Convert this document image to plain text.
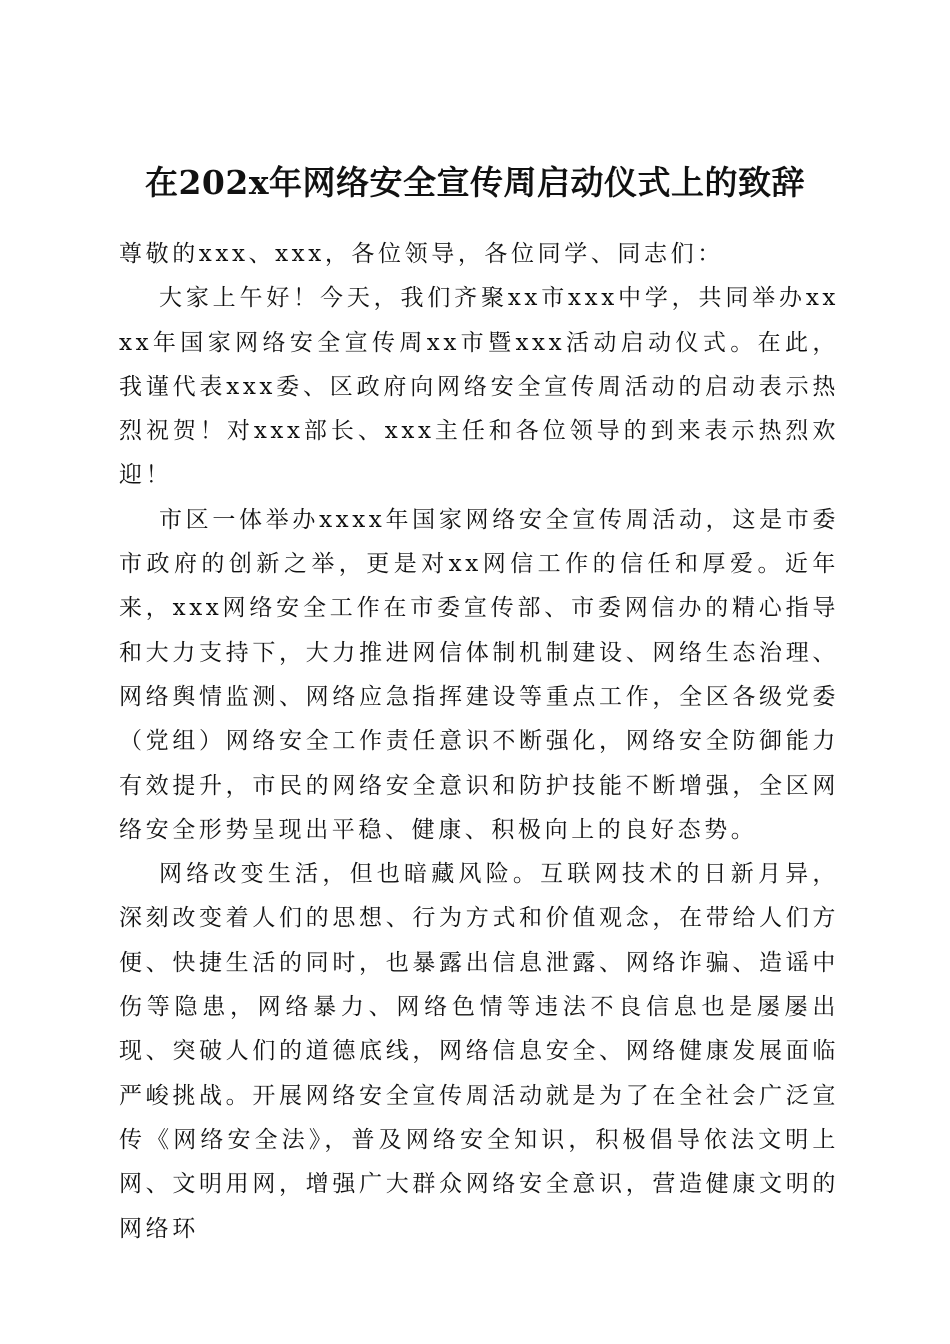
在202x年网络安全宣传周启动仪式上的致辞

尊敬的xxx、xxx，各位领导，各位同学、同志们：

大家上午好！今天，我们齐聚xx市xxx中学，共同举办xxxx年国家网络安全宣传周xx市暨xxx活动启动仪式。在此，我谨代表xxx委、区政府向网络安全宣传周活动的启动表示热烈祝贺！对xxx部长、xxx主任和各位领导的到来表示热烈欢迎！

市区一体举办xxxx年国家网络安全宣传周活动，这是市委市政府的创新之举，更是对xx网信工作的信任和厚爱。近年来，xxx网络安全工作在市委宣传部、市委网信办的精心指导和大力支持下，大力推进网信体制机制建设、网络生态治理、网络舆情监测、网络应急指挥建设等重点工作，全区各级党委（党组）网络安全工作责任意识不断强化，网络安全防御能力有效提升，市民的网络安全意识和防护技能不断增强，全区网络安全形势呈现出平稳、健康、积极向上的良好态势。

网络改变生活，但也暗藏风险。互联网技术的日新月异，深刻改变着人们的思想、行为方式和价值观念，在带给人们方便、快捷生活的同时，也暴露出信息泄露、网络诈骗、造谣中伤等隐患，网络暴力、网络色情等违法不良信息也是屡屡出现、突破人们的道德底线，网络信息安全、网络健康发展面临严峻挑战。开展网络安全宣传周活动就是为了在全社会广泛宣传《网络安全法》，普及网络安全知识，积极倡导依法文明上网、文明用网，增强广大群众网络安全意识，营造健康文明的网络环
